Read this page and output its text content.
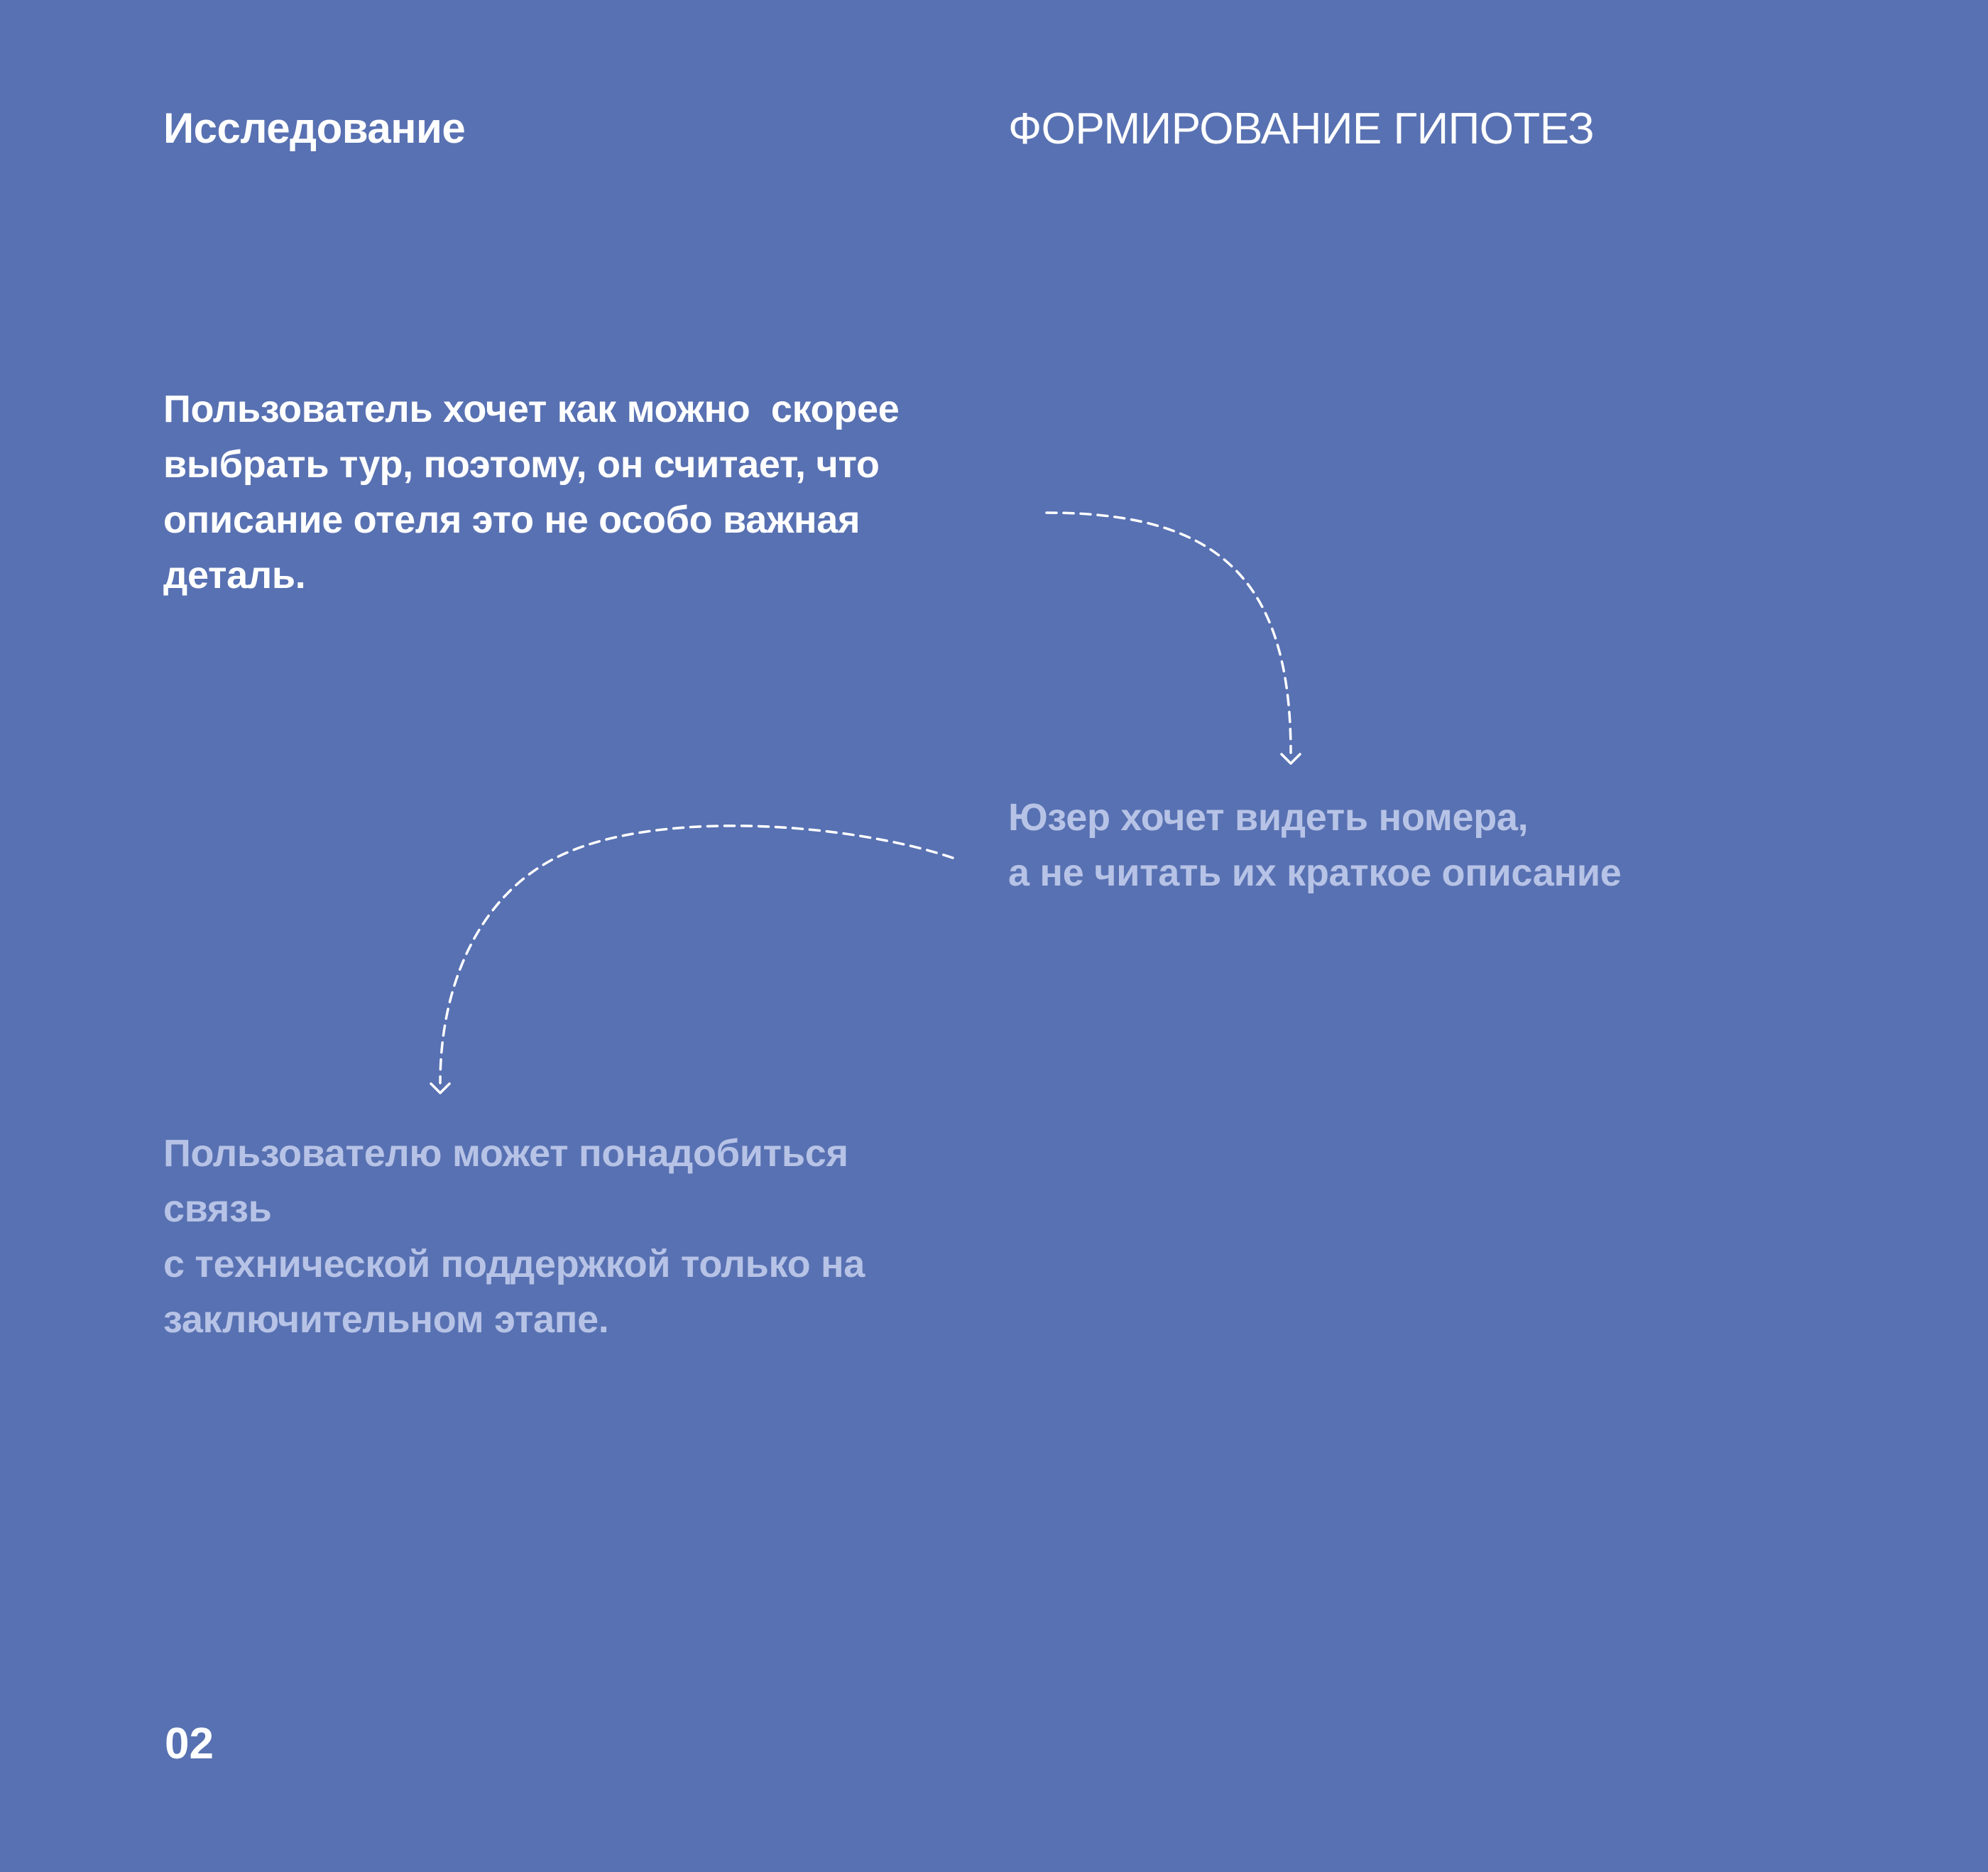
Исследование	ФОРМИРОВАНИЕ ГИПОТЕЗ
Пользователь хочет как можно  скорее
выбрать тур, поэтому, он считает, что
описание отеля это не особо важная
деталь.
Юзер хочет видеть номера,
а не читать их краткое описание
Пользователю может понадобиться
связь
с технической поддержкой только на
заключительном этапе.
02
